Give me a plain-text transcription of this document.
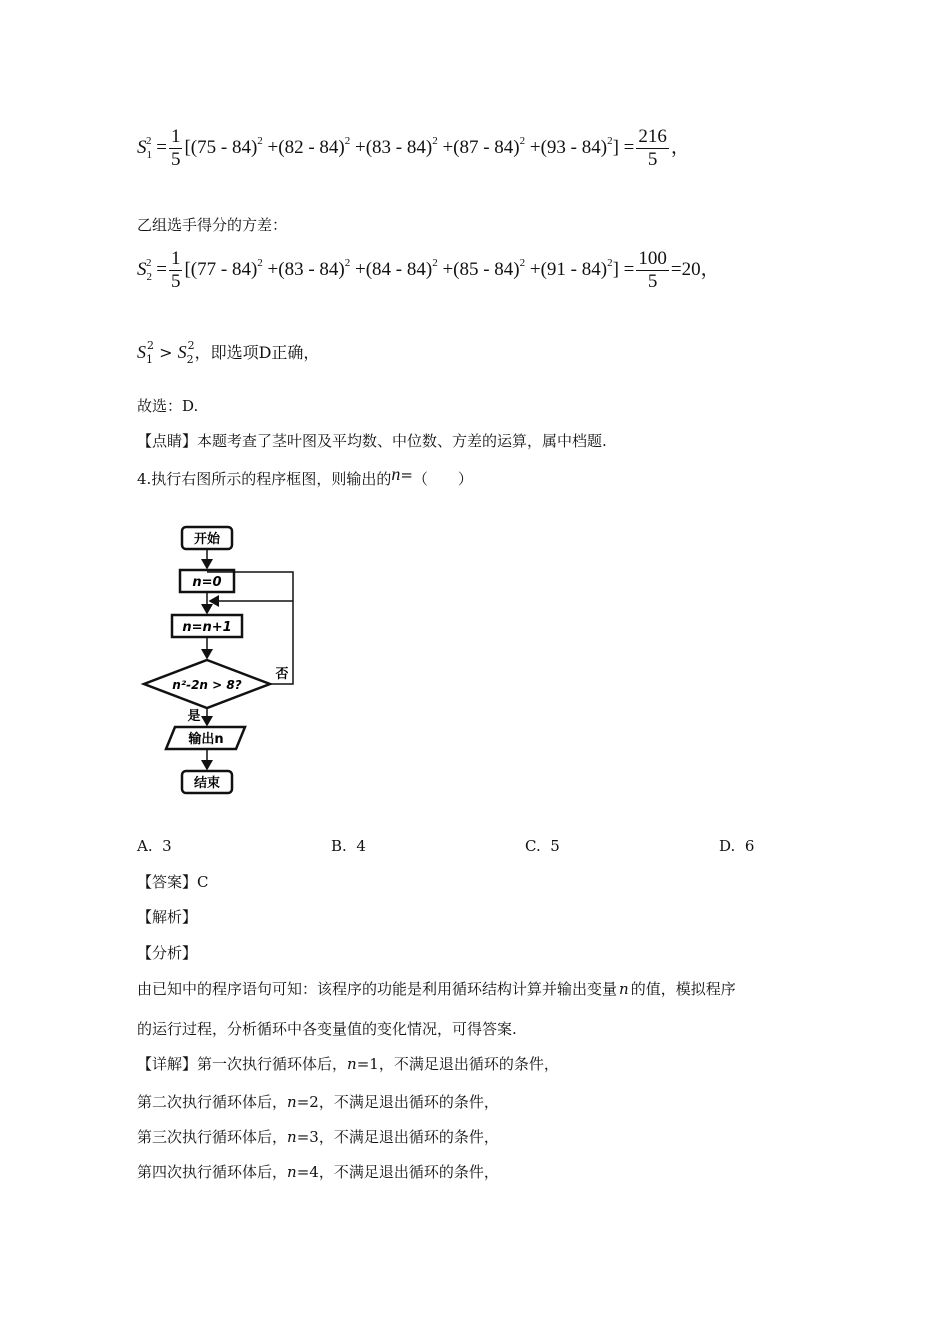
$S_1^2 = \frac{1}{5} [(75 - 84)^2 +(82 - 84)^2 +(83 - 84)^2 +(87 - 84)^2 +(93 - 84)^2] = \frac{216}{5}$ ，
乙组选手得分的方差：
$S_2^2 = \frac{1}{5} [(77 - 84)^2 +(83 - 84)^2 +(84 - 84)^2 +(85 - 84)^2 +(91 - 84)^2] = \frac{100}{5} =20$，
$S_1^2 > S_2^2$，即选项D正确，
故选：D.
【点睛】本题考查了茎叶图及平均数、中位数、方差的运算，属中档题.
4.执行右图所示的程序框图，则输出的n=（　　）
开始
n=0
n=n+1
n²-2n > 8?
否
是
输出n
结束
A. 3	B. 4	C. 5	D. 6
【答案】C
【解析】
【分析】
由已知中的程序语句可知：该程序的功能是利用循环结构计算并输出变量 n 的值，模拟程序
的运行过程，分析循环中各变量值的变化情况，可得答案.
【详解】第一次执行循环体后，n=1，不满足退出循环的条件，
第二次执行循环体后，n=2，不满足退出循环的条件，
第三次执行循环体后，n=3，不满足退出循环的条件，
第四次执行循环体后，n=4，不满足退出循环的条件，
